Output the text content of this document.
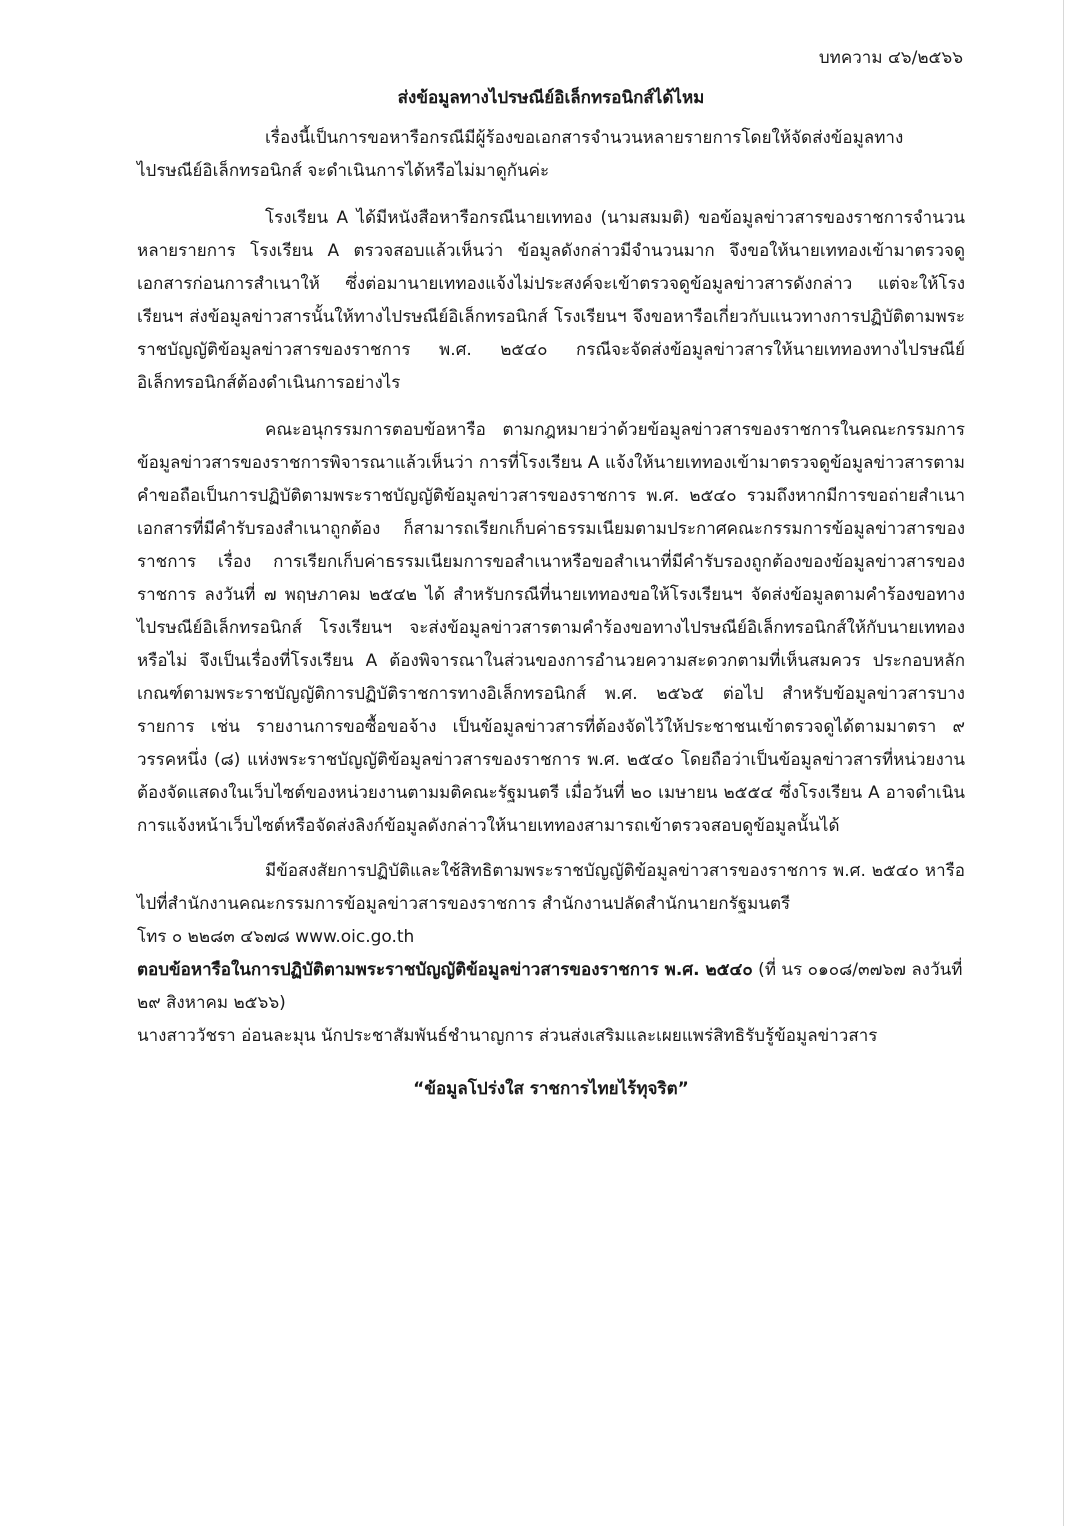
บทความ ๔๖/๒๕๖๖
ส่งข้อมูลทางไปรษณีย์อิเล็กทรอนิกส์ได้ไหม

เรื่องนี้เป็นการขอหารือกรณีมีผู้ร้องขอเอกสารจำนวนหลายรายการโดยให้จัดส่งข้อมูลทางไปรษณีย์อิเล็กทรอนิกส์ จะดำเนินการได้หรือไม่มาดูกันค่ะ

โรงเรียน A ได้มีหนังสือหารือกรณีนายเททอง (นามสมมติ) ขอข้อมูลข่าวสารของราชการจำนวนหลายรายการ โรงเรียน A ตรวจสอบแล้วเห็นว่า ข้อมูลดังกล่าวมีจำนวนมาก จึงขอให้นายเททองเข้ามาตรวจดูเอกสารก่อนการสำเนาให้ ซึ่งต่อมานายเททองแจ้งไม่ประสงค์จะเข้าตรวจดูข้อมูลข่าวสารดังกล่าว แต่จะให้โรงเรียนฯ ส่งข้อมูลข่าวสารนั้นให้ทางไปรษณีย์อิเล็กทรอนิกส์ โรงเรียนฯ จึงขอหารือเกี่ยวกับแนวทางการปฏิบัติตามพระราชบัญญัติข้อมูลข่าวสารของราชการ พ.ศ. ๒๕๔๐ กรณีจะจัดส่งข้อมูลข่าวสารให้นายเททองทางไปรษณีย์อิเล็กทรอนิกส์ต้องดำเนินการอย่างไร

คณะอนุกรรมการตอบข้อหารือ ตามกฎหมายว่าด้วยข้อมูลข่าวสารของราชการในคณะกรรมการข้อมูลข่าวสารของราชการพิจารณาแล้วเห็นว่า การที่โรงเรียน A แจ้งให้นายเททองเข้ามาตรวจดูข้อมูลข่าวสารตามคำขอถือเป็นการปฏิบัติตามพระราชบัญญัติข้อมูลข่าวสารของราชการ พ.ศ. ๒๕๔๐ รวมถึงหากมีการขอถ่ายสำเนาเอกสารที่มีคำรับรองสำเนาถูกต้อง ก็สามารถเรียกเก็บค่าธรรมเนียมตามประกาศคณะกรรมการข้อมูลข่าวสารของราชการ เรื่อง การเรียกเก็บค่าธรรมเนียมการขอสำเนาหรือขอสำเนาที่มีคำรับรองถูกต้องของข้อมูลข่าวสารของราชการ ลงวันที่ ๗ พฤษภาคม ๒๕๔๒ ได้ สำหรับกรณีที่นายเททองขอให้โรงเรียนฯ จัดส่งข้อมูลตามคำร้องขอทางไปรษณีย์อิเล็กทรอนิกส์ โรงเรียนฯ จะส่งข้อมูลข่าวสารตามคำร้องขอทางไปรษณีย์อิเล็กทรอนิกส์ให้กับนายเททองหรือไม่ จึงเป็นเรื่องที่โรงเรียน A ต้องพิจารณาในส่วนของการอำนวยความสะดวกตามที่เห็นสมควร ประกอบหลักเกณฑ์ตามพระราชบัญญัติการปฏิบัติราชการทางอิเล็กทรอนิกส์ พ.ศ. ๒๕๖๕ ต่อไป สำหรับข้อมูลข่าวสารบางรายการ เช่น รายงานการขอซื้อขอจ้าง เป็นข้อมูลข่าวสารที่ต้องจัดไว้ให้ประชาชนเข้าตรวจดูได้ตามมาตรา ๙ วรรคหนึ่ง (๘) แห่งพระราชบัญญัติข้อมูลข่าวสารของราชการ พ.ศ. ๒๕๔๐ โดยถือว่าเป็นข้อมูลข่าวสารที่หน่วยงานต้องจัดแสดงในเว็บไซต์ของหน่วยงานตามมติคณะรัฐมนตรี เมื่อวันที่ ๒๐ เมษายน ๒๕๕๔ ซึ่งโรงเรียน A อาจดำเนินการแจ้งหน้าเว็บไซต์หรือจัดส่งลิงก์ข้อมูลดังกล่าวให้นายเททองสามารถเข้าตรวจสอบดูข้อมูลนั้นได้

มีข้อสงสัยการปฏิบัติและใช้สิทธิตามพระราชบัญญัติข้อมูลข่าวสารของราชการ พ.ศ. ๒๕๔๐ หารือไปที่สำนักงานคณะกรรมการข้อมูลข่าวสารของราชการ สำนักงานปลัดสำนักนายกรัฐมนตรี

โทร ๐ ๒๒๘๓ ๔๖๗๘ www.oic.go.th

ตอบข้อหารือในการปฏิบัติตามพระราชบัญญัติข้อมูลข่าวสารของราชการ พ.ศ. ๒๕๔๐ (ที่ นร ๐๑๐๘/๓๗๖๗ ลงวันที่ ๒๙ สิงหาคม ๒๕๖๖)

นางสาววัชรา อ่อนละมุน นักประชาสัมพันธ์ชำนาญการ ส่วนส่งเสริมและเผยแพร่สิทธิรับรู้ข้อมูลข่าวสาร

“ข้อมูลโปร่งใส ราชการไทยไร้ทุจริต”
